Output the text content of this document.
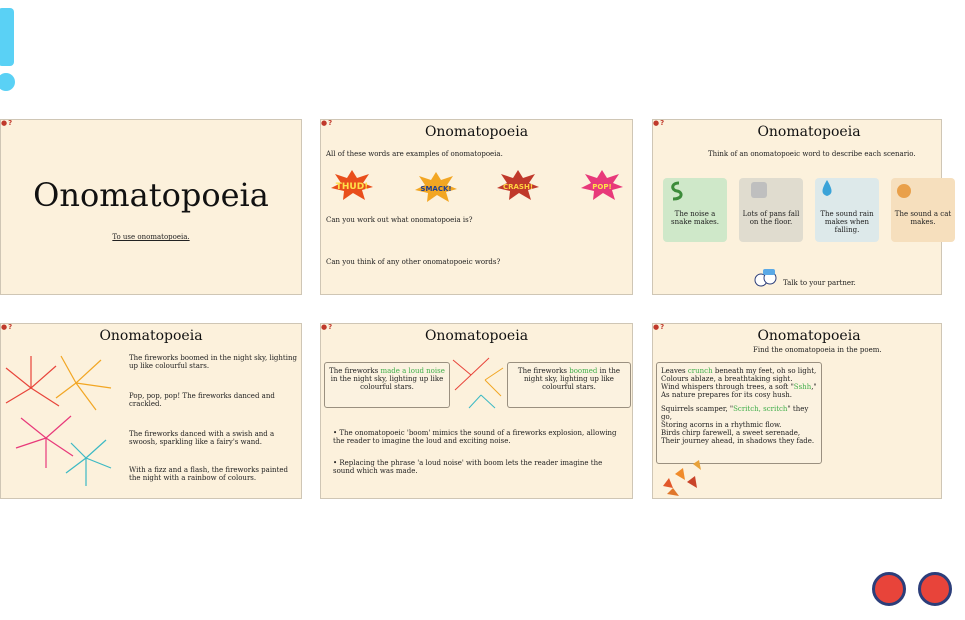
●?
Onomatopoeia
To use onomatopoeia.
●?
Onomatopoeia
All of these words are examples of onomatopoeia.
THUD!	SMACK!	CRASH!	POP!
Can you work out what onomatopoeia is?
Can you think of any other onomatopoeic words?
●?
Onomatopoeia
Think of an onomatopoeic word to describe each scenario.
The noise a snake makes.
Lots of pans fall on the floor.
The sound rain makes when falling.
The sound a cat makes.
Talk to your partner.
●?
Onomatopoeia
The fireworks boomed in the night sky, lighting up like colourful stars.
Pop, pop, pop! The fireworks danced and crackled.
The fireworks danced with a swish and a swoosh, sparkling like a fairy's wand.
With a fizz and a flash, the fireworks painted the night with a rainbow of colours.
●?
Onomatopoeia
The fireworks made a loud noise in the night sky, lighting up like colourful stars.
The fireworks boomed in the night sky, lighting up like colourful stars.
• The onomatopoeic 'boom' mimics the sound of a fireworks explosion, allowing the reader to imagine the loud and exciting noise.
• Replacing the phrase 'a loud noise' with boom lets the reader imagine the sound which was made.
●?
Onomatopoeia
Find the onomatopoeia in the poem.
Leaves crunch beneath my feet, oh so light,
Colours ablaze, a breathtaking sight.
Wind whispers through trees, a soft "Sshh,"
As nature prepares for its cosy hush.
Squirrels scamper, "Scritch, scritch" they go,
Storing acorns in a rhythmic flow.
Birds chirp farewell, a sweet serenade,
Their journey ahead, in shadows they fade.
